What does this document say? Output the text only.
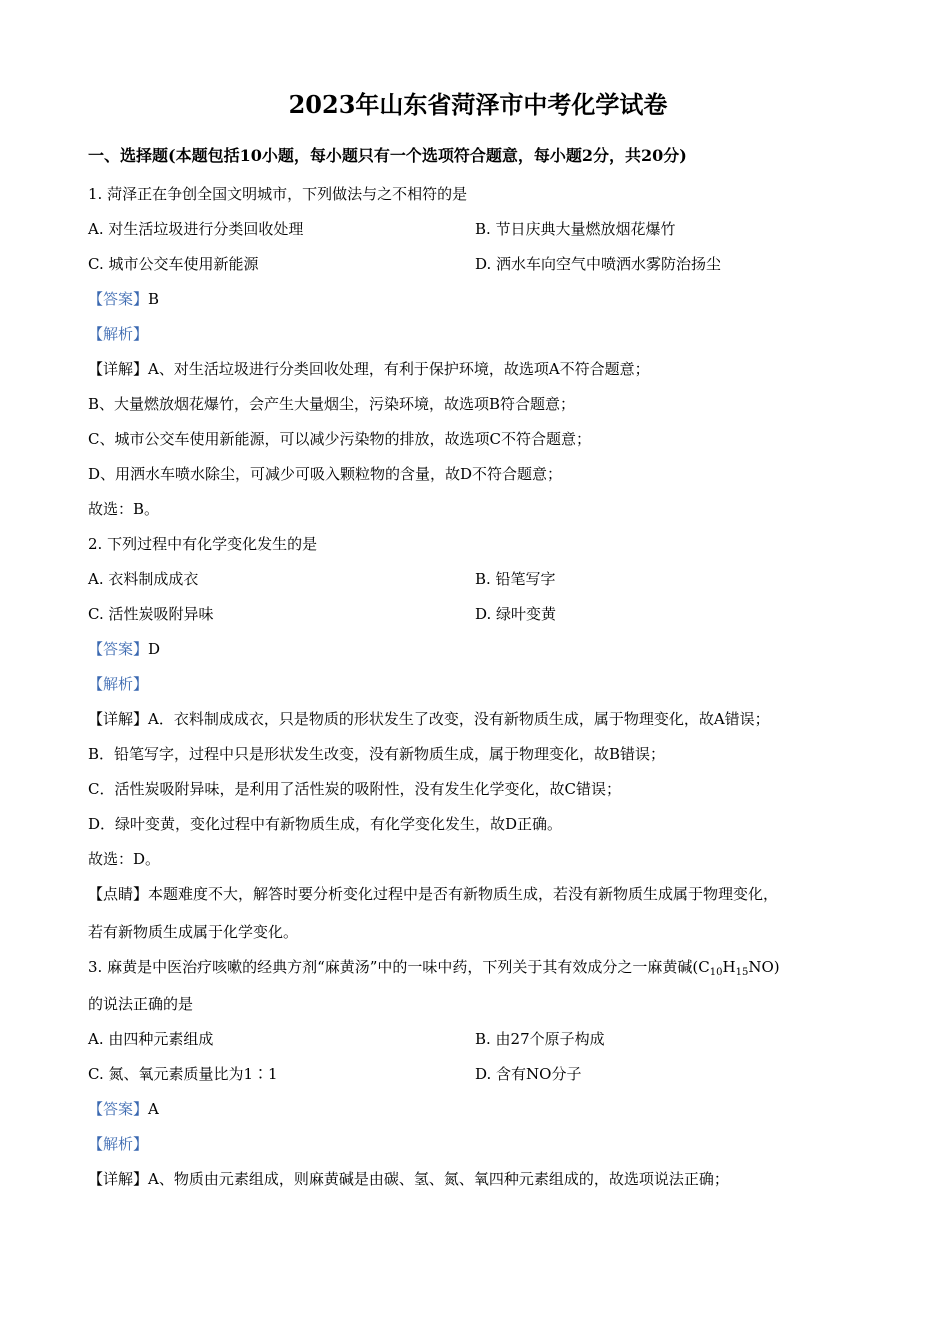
2023年山东省菏泽市中考化学试卷
一、选择题(本题包括10小题，每小题只有一个选项符合题意，每小题2分，共20分)
1. 菏泽正在争创全国文明城市，下列做法与之不相符的是
A. 对生活垃圾进行分类回收处理	B. 节日庆典大量燃放烟花爆竹
C. 城市公交车使用新能源	D. 洒水车向空气中喷洒水雾防治扬尘
【答案】B
【解析】
【详解】A、对生活垃圾进行分类回收处理，有利于保护环境，故选项A不符合题意；
B、大量燃放烟花爆竹，会产生大量烟尘，污染环境，故选项B符合题意；
C、城市公交车使用新能源，可以减少污染物的排放，故选项C不符合题意；
D、用洒水车喷水除尘，可减少可吸入颗粒物的含量，故D不符合题意；
故选：B。
2. 下列过程中有化学变化发生的是
A. 衣料制成成衣	B. 铅笔写字
C. 活性炭吸附异味	D. 绿叶变黄
【答案】D
【解析】
【详解】A．衣料制成成衣，只是物质的形状发生了改变，没有新物质生成，属于物理变化，故A错误；
B．铅笔写字，过程中只是形状发生改变，没有新物质生成，属于物理变化，故B错误；
C．活性炭吸附异味，是利用了活性炭的吸附性，没有发生化学变化，故C错误；
D．绿叶变黄，变化过程中有新物质生成，有化学变化发生，故D正确。
故选：D。
【点睛】本题难度不大，解答时要分析变化过程中是否有新物质生成，若没有新物质生成属于物理变化，
若有新物质生成属于化学变化。
3. 麻黄是中医治疗咳嗽的经典方剂“麻黄汤”中的一味中药，下列关于其有效成分之一麻黄碱$(C_{10}H_{15}NO)$
的说法正确的是
A. 由四种元素组成	B. 由27个原子构成
C. 氮、氧元素质量比为1∶1	D. 含有NO分子
【答案】A
【解析】
【详解】A、物质由元素组成，则麻黄碱是由碳、氢、氮、氧四种元素组成的，故选项说法正确；
